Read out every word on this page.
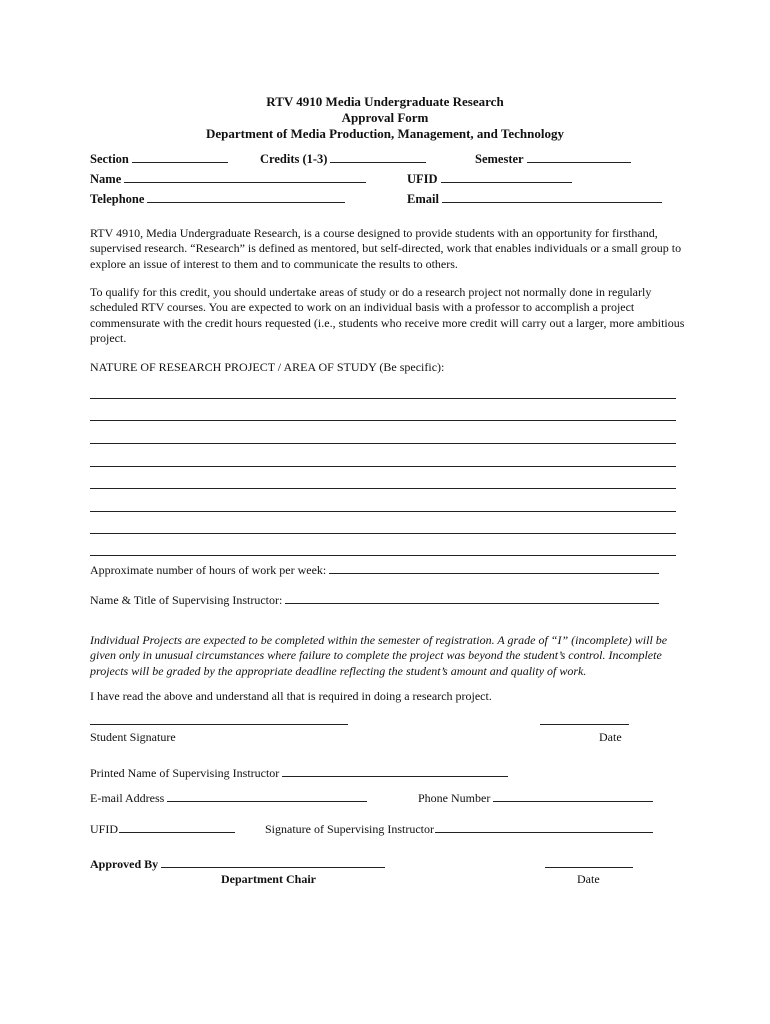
RTV 4910 Media Undergraduate Research
Approval Form
Department of Media Production, Management, and Technology
Section	Credits (1-3)	Semester
Name	UFID
Telephone	Email
RTV 4910, Media Undergraduate Research, is a course designed to provide students with an opportunity for firsthand, supervised research. “Research” is defined as mentored, but self-directed, work that enables individuals or a small group to explore an issue of interest to them and to communicate the results to others.
To qualify for this credit, you should undertake areas of study or do a research project not normally done in regularly scheduled RTV courses. You are expected to work on an individual basis with a professor to accomplish a project commensurate with the credit hours requested (i.e., students who receive more credit will carry out a larger, more ambitious project.
NATURE OF RESEARCH PROJECT / AREA OF STUDY (Be specific):
Approximate number of hours of work per week:
Name & Title of Supervising Instructor:
Individual Projects are expected to be completed within the semester of registration. A grade of “I” (incomplete) will be given only in unusual circumstances where failure to complete the project was beyond the student’s control. Incomplete projects will be graded by the appropriate deadline reflecting the student’s amount and quality of work.
I have read the above and understand all that is required in doing a research project.
Student Signature	Date
Printed Name of Supervising Instructor
E-mail Address	Phone Number
UFID	Signature of Supervising Instructor
Approved By
Department Chair	Date
